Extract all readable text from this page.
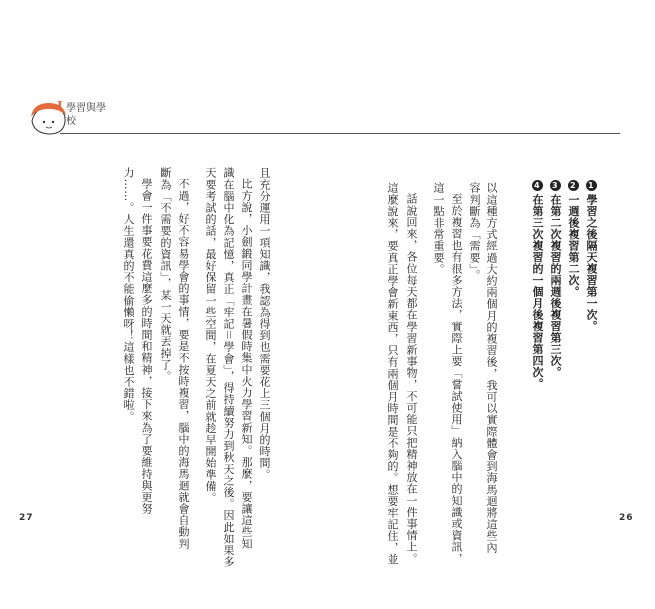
I 學習與學校
1學習之後隔天複習第一次。
2一週後複習第二次。
3在第二次複習的兩週後複習第三次。
4在第三次複習的一個月後複習第四次。
以這種方式經過大約兩個月的複習後，我可以實際體會到海馬迴將這些內
容判斷為「需要」。
至於複習也有很多方法，實際上要「嘗試使用」納入腦中的知識或資訊，
這一點非常重要。
話說回來，各位每天都在學習新事物，不可能只把精神放在一件事情上。
這麼說來，要真正學會新東西，只有兩個月時間是不夠的。想要牢記住，並
且充分運用一項知識，我認為得到也需要花上三個月的時間。
比方說，小劍鍛同學計畫在暑假時集中火力學習新知。那麼，要讓這些知
識在腦中化為記憶，真正「牢記＝學會」，得持續努力到秋天之後。因此如果多
天要考試的話，最好保留一些空間，在夏天之前就趁早開始準備。
不過，好不容易學會的事情，要是不按時複習，腦中的海馬迴就會自動判
斷為「不需要的資訊」，某一天就丟掉了。
學會一件事要花費這麼多的時間和精神，接下來為了要維持與更努
力……。人生還真的不能偷懶呀！這樣也不錯啦。
27	26
